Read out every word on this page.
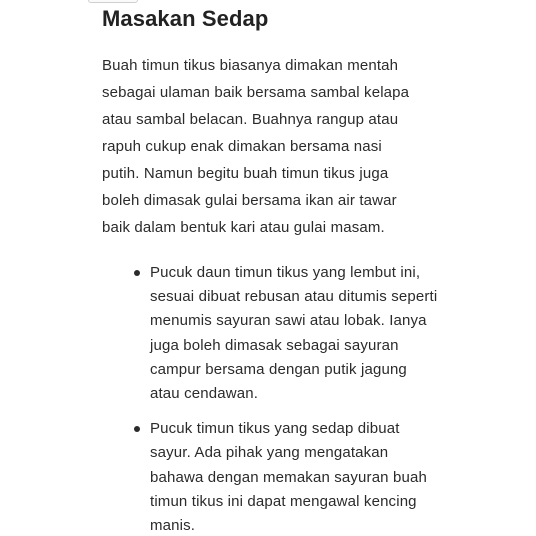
Masakan Sedap

Buah timun tikus biasanya dimakan mentah sebagai ulaman baik bersama sambal kelapa atau sambal belacan. Buahnya rangup atau rapuh cukup enak dimakan bersama nasi putih. Namun begitu buah timun tikus juga boleh dimasak gulai bersama ikan air tawar baik dalam bentuk kari atau gulai masam.

Pucuk daun timun tikus yang lembut ini, sesuai dibuat rebusan atau ditumis seperti menumis sayuran sawi atau lobak. Ianya juga boleh dimasak sebagai sayuran campur bersama dengan putik jagung atau cendawan.
Pucuk timun tikus yang sedap dibuat sayur. Ada pihak yang mengatakan bahawa dengan memakan sayuran buah timun tikus ini dapat mengawal kencing manis.
